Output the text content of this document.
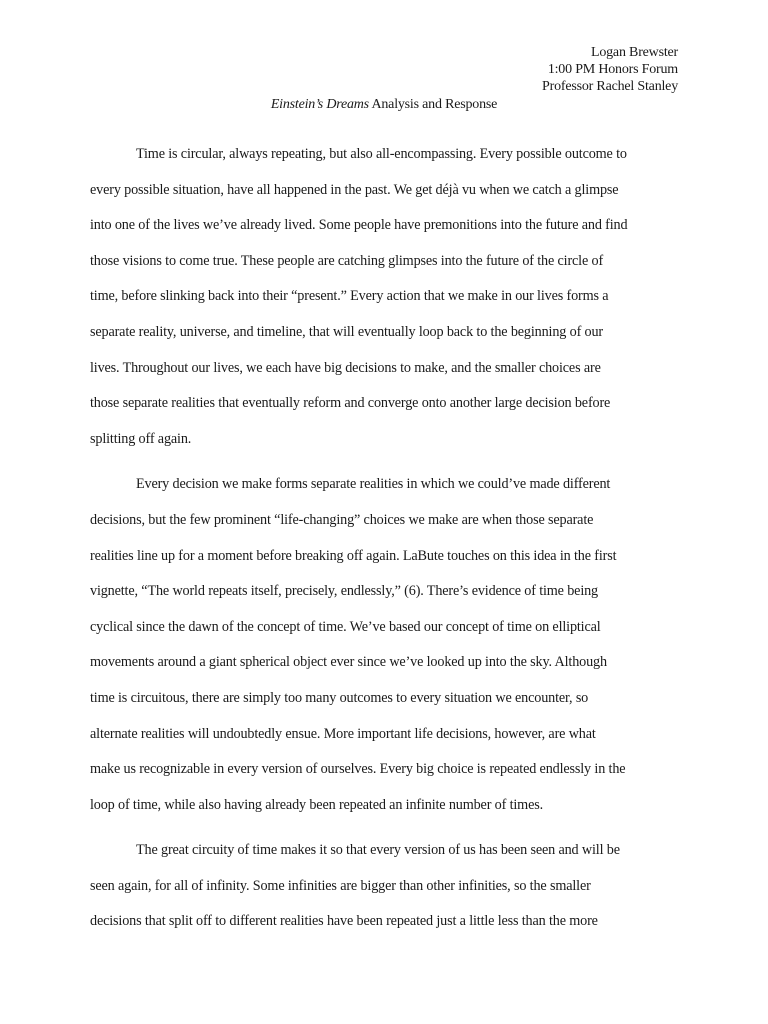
Logan Brewster
1:00 PM Honors Forum
Professor Rachel Stanley
Einstein’s Dreams Analysis and Response
Time is circular, always repeating, but also all-encompassing. Every possible outcome to
every possible situation, have all happened in the past. We get déjà vu when we catch a glimpse
into one of the lives we’ve already lived. Some people have premonitions into the future and find
those visions to come true. These people are catching glimpses into the future of the circle of
time, before slinking back into their “present.” Every action that we make in our lives forms a
separate reality, universe, and timeline, that will eventually loop back to the beginning of our
lives. Throughout our lives, we each have big decisions to make, and the smaller choices are
those separate realities that eventually reform and converge onto another large decision before
splitting off again.
Every decision we make forms separate realities in which we could’ve made different
decisions, but the few prominent “life-changing” choices we make are when those separate
realities line up for a moment before breaking off again. LaBute touches on this idea in the first
vignette, “The world repeats itself, precisely, endlessly,” (6). There’s evidence of time being
cyclical since the dawn of the concept of time. We’ve based our concept of time on elliptical
movements around a giant spherical object ever since we’ve looked up into the sky. Although
time is circuitous, there are simply too many outcomes to every situation we encounter, so
alternate realities will undoubtedly ensue. More important life decisions, however, are what
make us recognizable in every version of ourselves. Every big choice is repeated endlessly in the
loop of time, while also having already been repeated an infinite number of times.
The great circuity of time makes it so that every version of us has been seen and will be
seen again, for all of infinity. Some infinities are bigger than other infinities, so the smaller
decisions that split off to different realities have been repeated just a little less than the more
